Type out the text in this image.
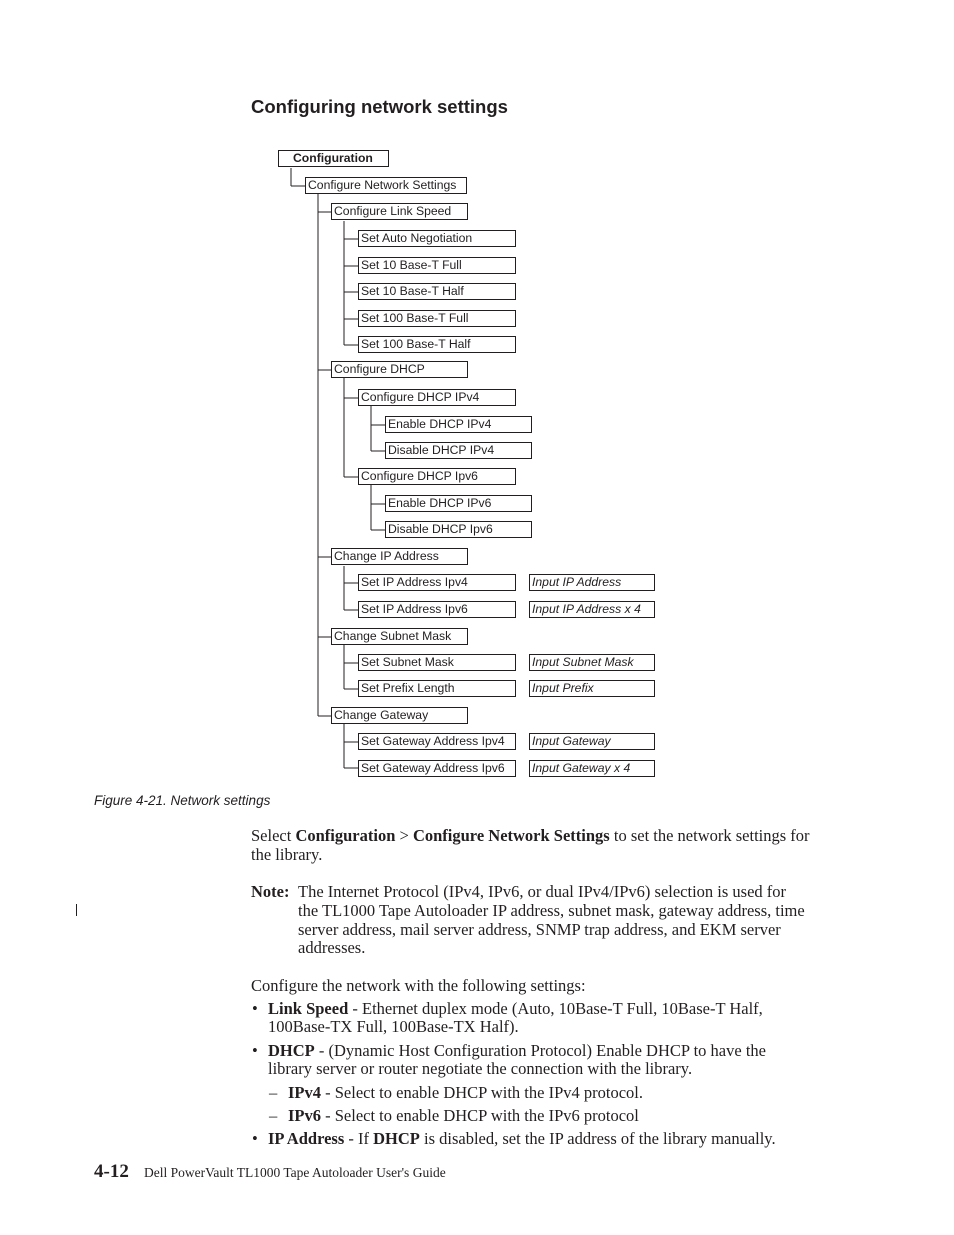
Configuring network settings
Configuration
Configure Network Settings
Configure Link Speed
Set Auto Negotiation
Set 10 Base-T Full
Set 10 Base-T Half
Set 100 Base-T Full
Set 100 Base-T Half
Configure DHCP
Configure DHCP IPv4
Enable DHCP IPv4
Disable DHCP IPv4
Configure DHCP Ipv6
Enable DHCP IPv6
Disable DHCP Ipv6
Change IP Address
Set IP Address Ipv4	Input IP Address
Set IP Address Ipv6	Input IP Address x 4
Change Subnet Mask
Set Subnet Mask	Input Subnet Mask
Set Prefix Length	Input Prefix
Change Gateway
Set Gateway Address Ipv4	Input Gateway
Set Gateway Address Ipv6	Input Gateway x 4
Figure 4-21. Network settings

Select Configuration > Configure Network Settings to set the network settings for

the library.

Note: The Internet Protocol (IPv4, IPv6, or dual IPv4/IPv6) selection is used for

the TL1000 Tape Autoloader IP address, subnet mask, gateway address, time

server address, mail server address, SNMP trap address, and EKM server

addresses.

Configure the network with the following settings:

• Link Speed - Ethernet duplex mode (Auto, 10Base-T Full, 10Base-T Half,

100Base-TX Full, 100Base-TX Half).

• DHCP - (Dynamic Host Configuration Protocol) Enable DHCP to have the

library server or router negotiate the connection with the library.

– IPv4 - Select to enable DHCP with the IPv4 protocol.

– IPv6 - Select to enable DHCP with the IPv6 protocol

• IP Address - If DHCP is disabled, set the IP address of the library manually.

4-12 Dell PowerVault TL1000 Tape Autoloader User's Guide
